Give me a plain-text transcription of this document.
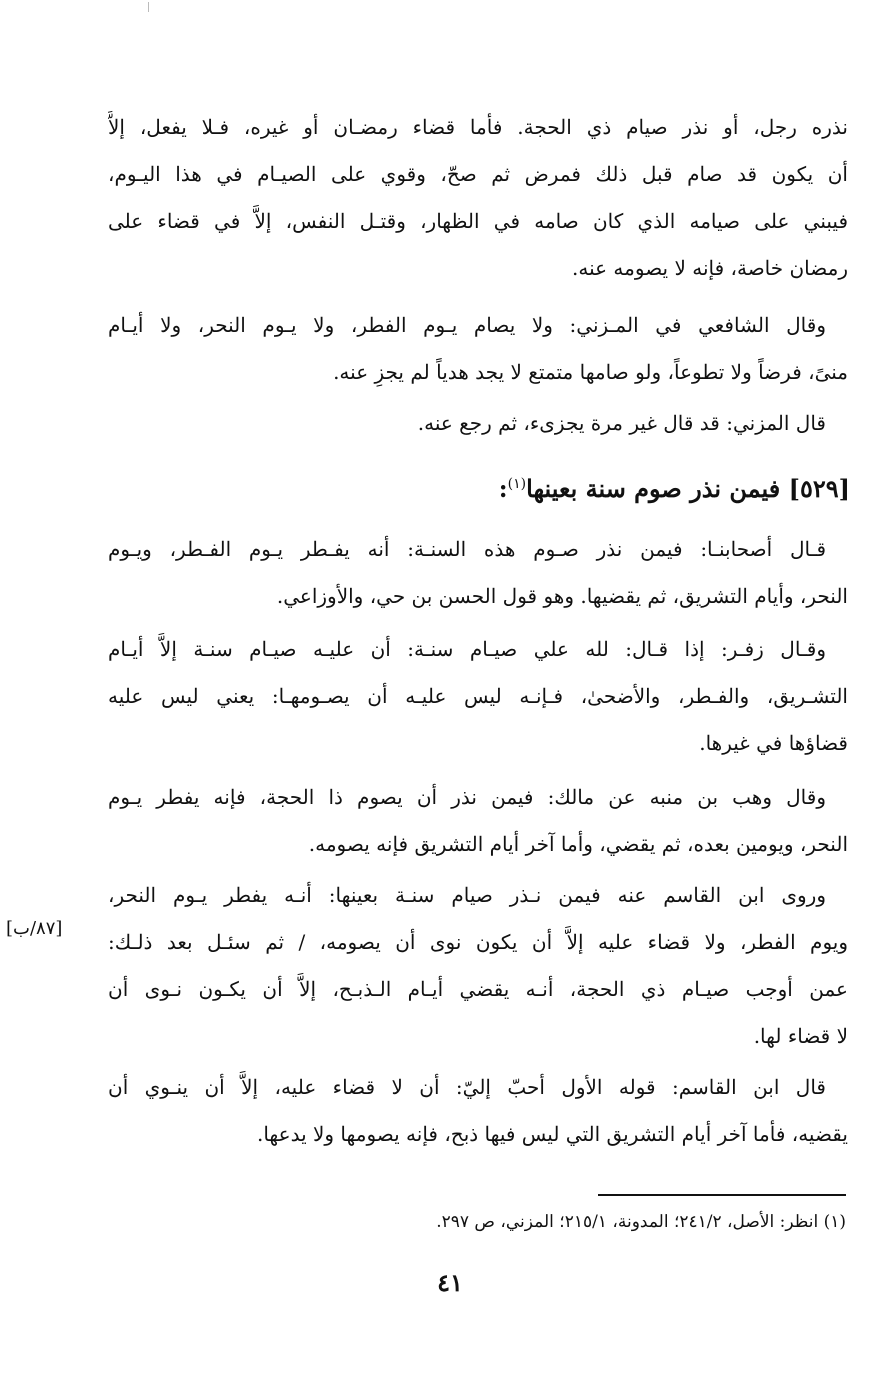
نذره رجل، أو نذر صيام ذي الحجة. فأما قضاء رمضـان أو غيره، فـلا يفعل، إلاَّ
أن يكون قد صام قبل ذلك فمرض ثم صحّ، وقوي على الصيـام في هذا اليـوم،
فيبني على صيامه الذي كان صامه في الظهار، وقتـل النفس، إلاَّ في قضاء على
رمضان خاصة، فإنه لا يصومه عنه.

وقال الشافعي في المـزني: ولا يصام يـوم الفطر، ولا يـوم النحر، ولا أيـام
منىً، فرضاً ولا تطوعاً، ولو صامها متمتع لا يجد هدياً لم يجزِ عنه.

قال المزني: قد قال غير مرة يجزىء، ثم رجع عنه.

[٥٢٩] فيمن نذر صوم سنة بعينها$^{(١)}$:

قـال أصحابنـا: فيمن نذر صـوم هذه السنـة: أنه يفـطر يـوم الفـطر، ويـوم
النحر، وأيام التشريق، ثم يقضيها. وهو قول الحسن بن حي، والأوزاعي.

وقـال زفـر: إذا قـال: لله علي صيـام سنـة: أن عليـه صيـام سنـة إلاَّ أيـام
التشـريق، والفـطر، والأضحىٰ، فـإنـه ليس عليـه أن يصـومهـا: يعني ليس عليه
قضاؤها في غيرها.

وقال وهب بن منبه عن مالك: فيمن نذر أن يصوم ذا الحجة، فإنه يفطر يـوم
النحر، ويومين بعده، ثم يقضي، وأما آخر أيام التشريق فإنه يصومه.

وروى ابن القاسم عنه فيمن نـذر صيام سنـة بعينها: أنـه يفطر يـوم النحر،
ويوم الفطر، ولا قضاء عليه إلاَّ أن يكون نوى أن يصومه، / ثم سئـل بعد ذلـك:
عمن أوجب صيـام ذي الحجة، أنـه يقضي أيـام الـذبـح، إلاَّ أن يكـون نـوى أن
لا قضاء لها.

[٨٧/ب]

قال ابن القاسم: قوله الأول أحبّ إليّ: أن لا قضاء عليه، إلاَّ أن ينـوي أن
يقضيه، فأما آخر أيام التشريق التي ليس فيها ذبح، فإنه يصومها ولا يدعها.

(١) انظر: الأصل، ٢٤١/٢؛ المدونة، ٢١٥/١؛ المزني، ص ٢٩٧.
٤١
